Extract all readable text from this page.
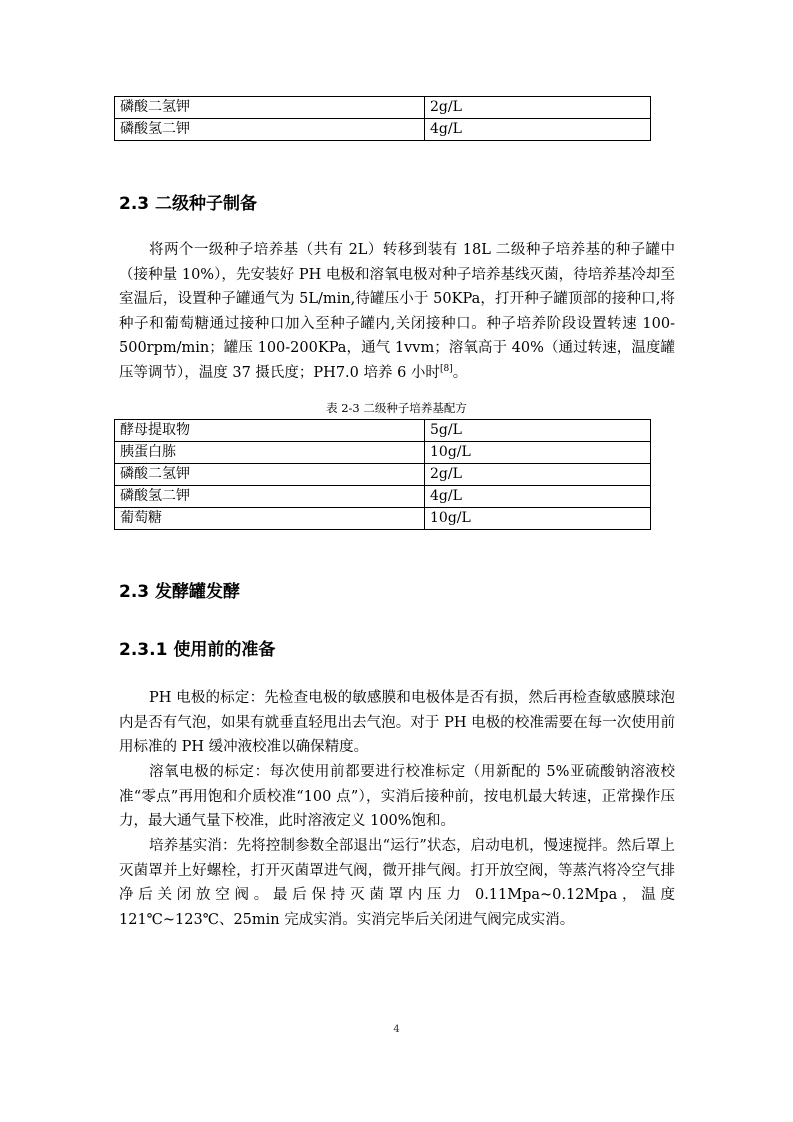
磷酸二氢钾	2g/L
磷酸氢二钾	4g/L
2.3 二级种子制备

将两个一级种子培养基（共有 2L）转移到装有 18L 二级种子培养基的种子罐中（接种量 10%），先安装好 PH 电极和溶氧电极对种子培养基线灭菌，待培养基冷却至室温后，设置种子罐通气为 5L/min,待罐压小于 50KPa，打开种子罐顶部的接种口,将种子和葡萄糖通过接种口加入至种子罐内,关闭接种口。种子培养阶段设置转速 100-500rpm/min；罐压 100-200KPa，通气 1vvm；溶氧高于 40%（通过转速，温度罐压等调节），温度 37 摄氏度；PH7.0 培养 6 小时[8]。

表 2-3 二级种子培养基配方

酵母提取物	5g/L
胰蛋白胨	10g/L
磷酸二氢钾	2g/L
磷酸氢二钾	4g/L
葡萄糖	10g/L
2.3 发酵罐发酵
2.3.1 使用前的准备

PH 电极的标定：先检查电极的敏感膜和电极体是否有损，然后再检查敏感膜球泡内是否有气泡，如果有就垂直轻甩出去气泡。对于 PH 电极的校准需要在每一次使用前用标准的 PH 缓冲液校准以确保精度。

溶氧电极的标定：每次使用前都要进行校准标定（用新配的 5%亚硫酸钠溶液校准“零点”再用饱和介质校准“100 点”），实消后接种前，按电机最大转速，正常操作压力，最大通气量下校准，此时溶液定义 100%饱和。

培养基实消：先将控制参数全部退出“运行”状态，启动电机，慢速搅拌。然后罩上灭菌罩并上好螺栓，打开灭菌罩进气阀，微开排气阀。打开放空阀，等蒸汽将冷空气排净后关闭放空阀。最后保持灭菌罩内压力 0.11Mpa~0.12Mpa，温度 121℃~123℃、25min 完成实消。实消完毕后关闭进气阀完成实消。

4
